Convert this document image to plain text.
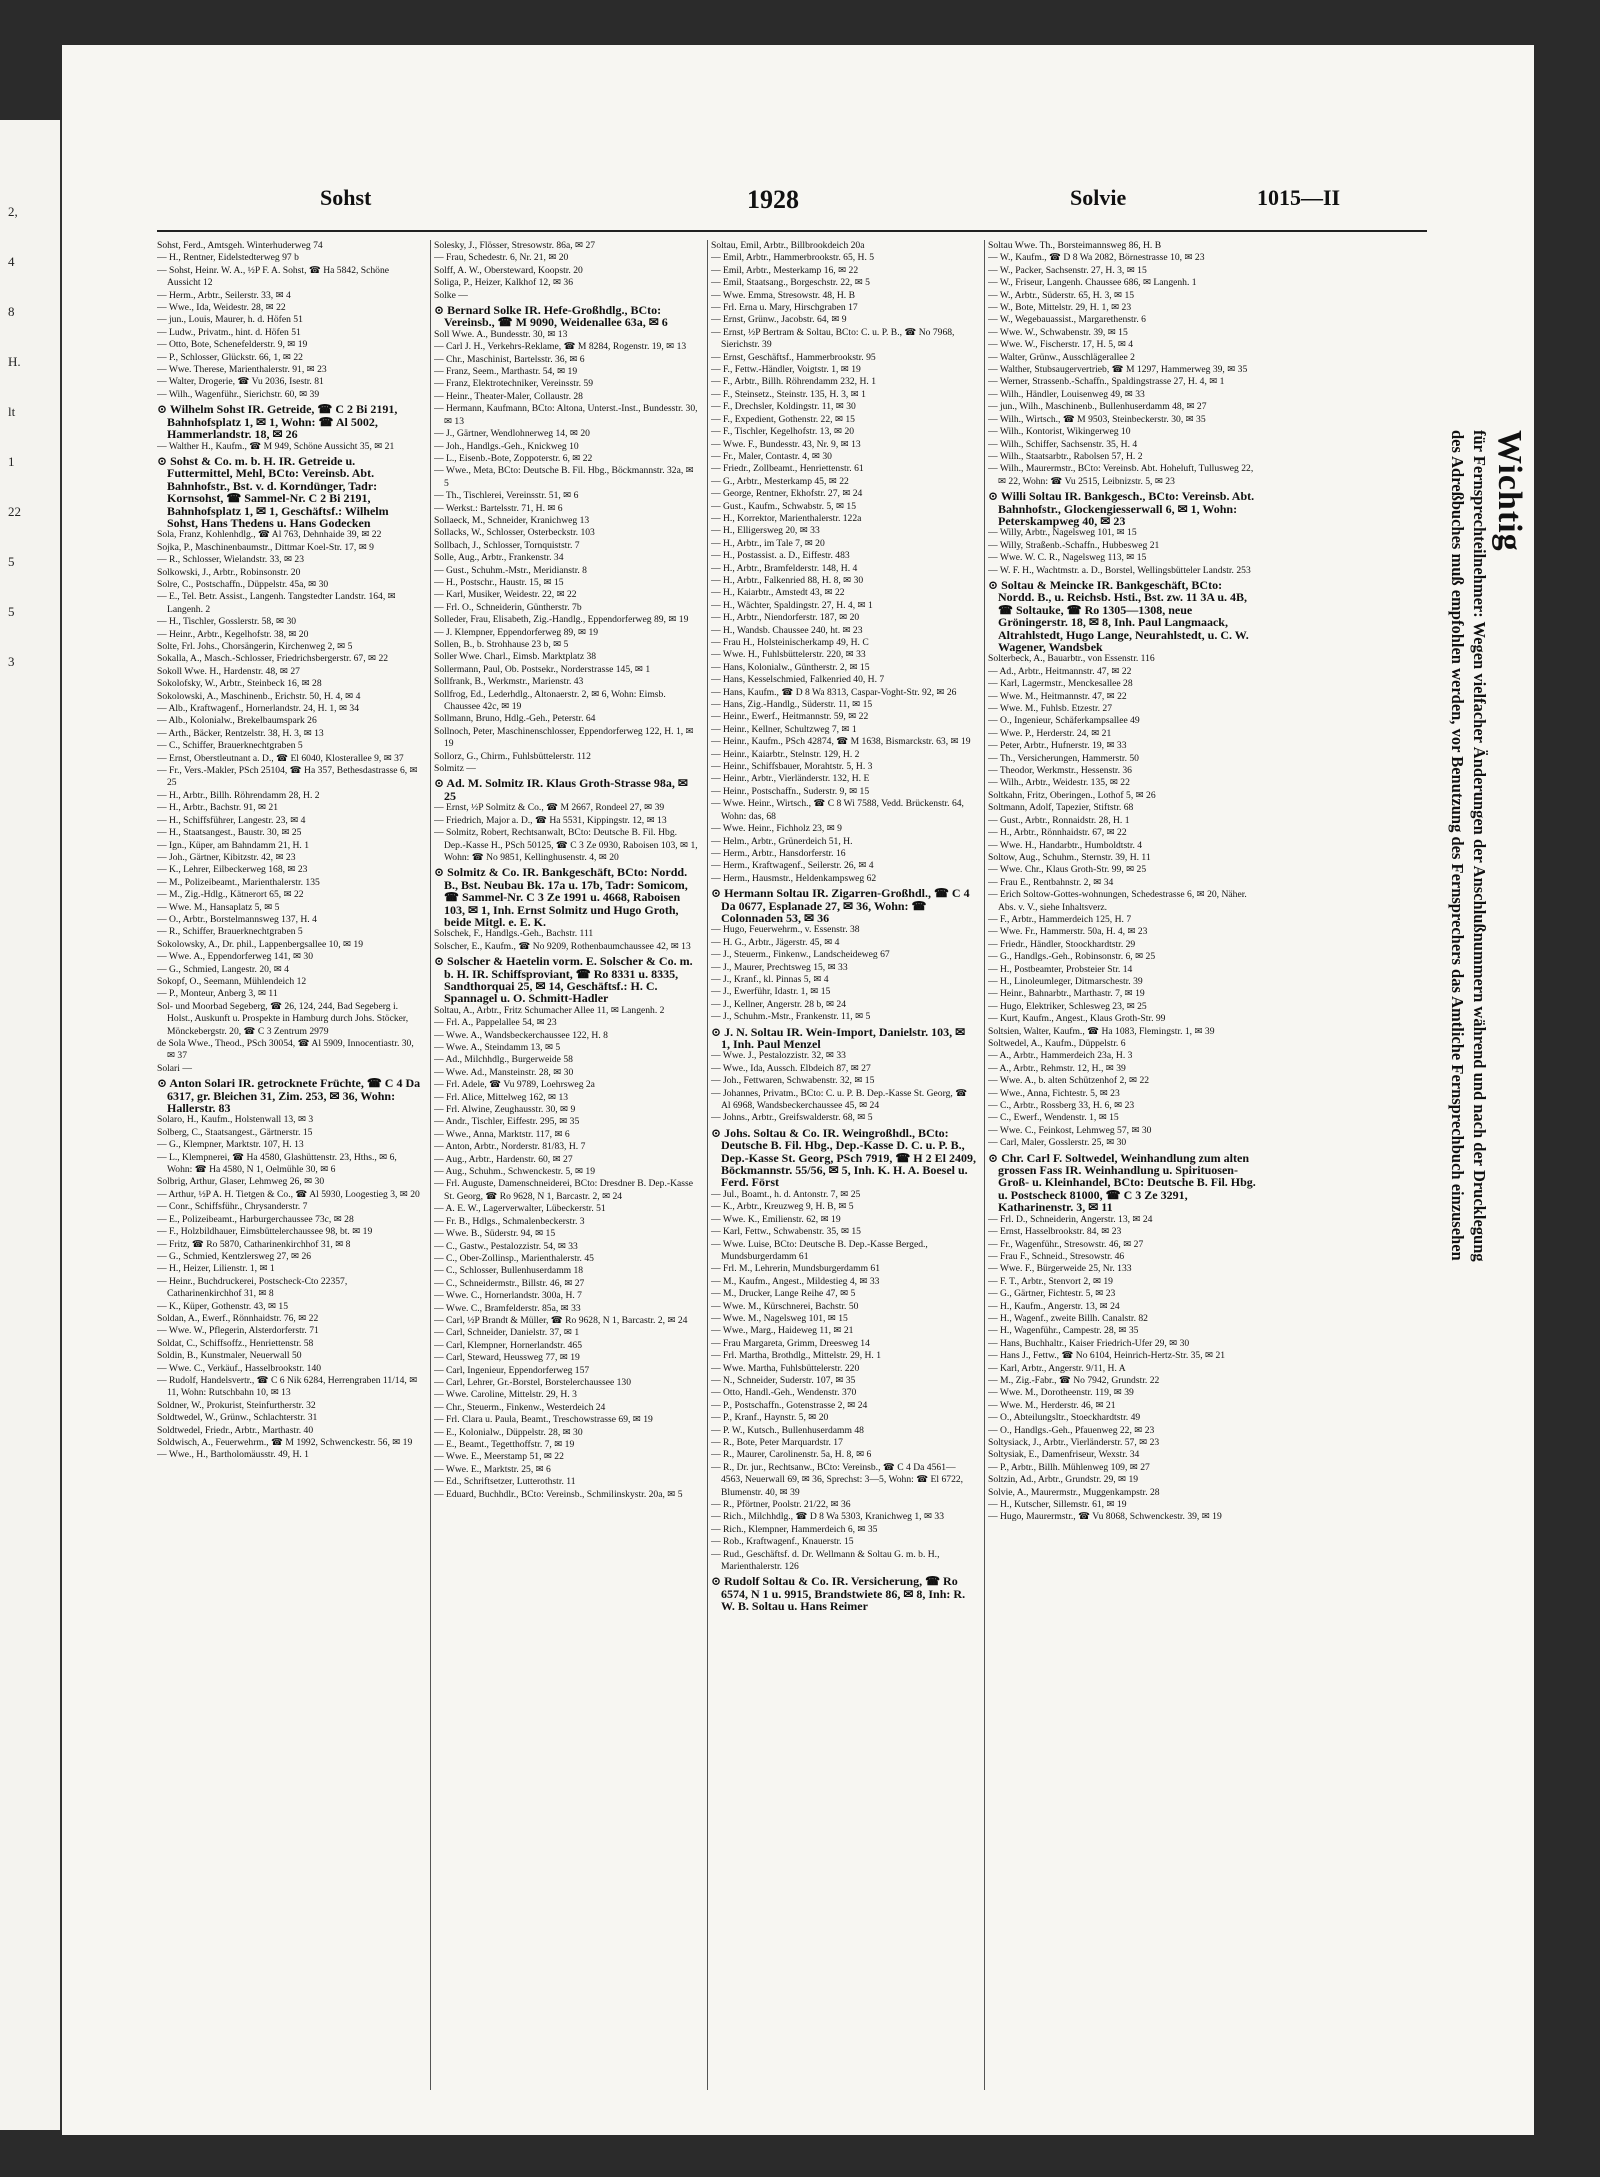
2,
4
8
H.
lt
1
22
5
5
3
Sohst	1928	Solvie	1015—II

Sohst, Ferd., Amtsgeh. Winterhuderweg 74

— H., Rentner, Eidelstedterweg 97 b

— Sohst, Heinr. W. A., ½P F. A. Sohst, ☎ Ha 5842, Schöne Aussicht 12

— Herm., Arbtr., Seilerstr. 33, ✉ 4

— Wwe., Ida, Weidestr. 28, ✉ 22

— jun., Louis, Maurer, h. d. Höfen 51

— Ludw., Privatm., hint. d. Höfen 51

— Otto, Bote, Schenefelderstr. 9, ✉ 19

— P., Schlosser, Glückstr. 66, 1, ✉ 22

— Wwe. Therese, Marienthalerstr. 91, ✉ 23

— Walter, Drogerie, ☎ Vu 2036, Isestr. 81

— Wilh., Wagenführ., Sierichstr. 60, ✉ 39

⊙ Wilhelm Sohst IR. Getreide, ☎ C 2 Bi 2191, Bahnhofsplatz 1, ✉ 1, Wohn: ☎ Al 5002, Hammerlandstr. 18, ✉ 26

— Walther H., Kaufm., ☎ M 949, Schöne Aussicht 35, ✉ 21

⊙ Sohst & Co. m. b. H. IR. Getreide u. Futtermittel, Mehl, BCto: Vereinsb. Abt. Bahnhofstr., Bst. v. d. Korndünger, Tadr: Kornsohst, ☎ Sammel-Nr. C 2 Bi 2191, Bahnhofsplatz 1, ✉ 1, Geschäftsf.: Wilhelm Sohst, Hans Thedens u. Hans Godecken

Sola, Franz, Kohlenhdlg., ☎ Al 763, Dehnhaide 39, ✉ 22

Sojka, P., Maschinenbaumstr., Dittmar Koel-Str. 17, ✉ 9

— R., Schlosser, Wielandstr. 33, ✉ 23

Solkowski, J., Arbtr., Robinsonstr. 20

Solre, C., Postschaffn., Düppelstr. 45a, ✉ 30

— E., Tel. Betr. Assist., Langenh. Tangstedter Landstr. 164, ✉ Langenh. 2

— H., Tischler, Gosslerstr. 58, ✉ 30

— Heinr., Arbtr., Kegelhofstr. 38, ✉ 20

Solte, Frl. Johs., Chorsängerin, Kirchenweg 2, ✉ 5

Sokalla, A., Masch.-Schlosser, Friedrichsbergerstr. 67, ✉ 22

Sokoll Wwe. H., Hardenstr. 48, ✉ 27

Sokolofsky, W., Arbtr., Steinbeck 16, ✉ 28

Sokolowski, A., Maschinenb., Erichstr. 50, H. 4, ✉ 4

— Alb., Kraftwagenf., Hornerlandstr. 24, H. 1, ✉ 34

— Alb., Kolonialw., Brekelbaumspark 26

— Arth., Bäcker, Rentzelstr. 38, H. 3, ✉ 13

— C., Schiffer, Brauerknechtgraben 5

— Ernst, Oberstleutnant a. D., ☎ El 6040, Klosterallee 9, ✉ 37

— Fr., Vers.-Makler, PSch 25104, ☎ Ha 357, Bethesdastrasse 6, ✉ 25

— H., Arbtr., Billh. Röhrendamm 28, H. 2

— H., Arbtr., Bachstr. 91, ✉ 21

— H., Schiffsführer, Langestr. 23, ✉ 4

— H., Staatsangest., Baustr. 30, ✉ 25

— Ign., Küper, am Bahndamm 21, H. 1

— Joh., Gärtner, Kibitzstr. 42, ✉ 23

— K., Lehrer, Eilbeckerweg 168, ✉ 23

— M., Polizeibeamt., Marienthalerstr. 135

— M., Zig.-Hdlg., Kätnerort 65, ✉ 22

— Wwe. M., Hansaplatz 5, ✉ 5

— O., Arbtr., Borstelmannsweg 137, H. 4

— R., Schiffer, Brauerknechtgraben 5

Sokolowsky, A., Dr. phil., Lappenbergsallee 10, ✉ 19

— Wwe. A., Eppendorferweg 141, ✉ 30

— G., Schmied, Langestr. 20, ✉ 4

Sokopf, O., Seemann, Mühlendeich 12

— P., Monteur, Anberg 3, ✉ 11

Sol- und Moorbad Segeberg, ☎ 26, 124, 244, Bad Segeberg i. Holst., Auskunft u. Prospekte in Hamburg durch Johs. Stöcker, Mönckebergstr. 20, ☎ C 3 Zentrum 2979

de Sola Wwe., Theod., PSch 30054, ☎ Al 5909, Innocentiastr. 30, ✉ 37

Solari —

⊙ Anton Solari IR. getrocknete Früchte, ☎ C 4 Da 6317, gr. Bleichen 31, Zim. 253, ✉ 36, Wohn: Hallerstr. 83

Solaro, H., Kaufm., Holstenwall 13, ✉ 3

Solberg, C., Staatsangest., Gärtnerstr. 15

— G., Klempner, Marktstr. 107, H. 13

— L., Klempnerei, ☎ Ha 4580, Glashüttenstr. 23, Hths., ✉ 6, Wohn: ☎ Ha 4580, N 1, Oelmühle 30, ✉ 6

Solbrig, Arthur, Glaser, Lehmweg 26, ✉ 30

— Arthur, ½P A. H. Tietgen & Co., ☎ Al 5930, Loogestieg 3, ✉ 20

— Conr., Schiffsführ., Chrysanderstr. 7

— E., Polizeibeamt., Harburgerchaussee 73c, ✉ 28

— F., Holzbildhauer, Eimsbüttelerchaussee 98, bt. ✉ 19

— Fritz, ☎ Ro 5870, Catharinenkirchhof 31, ✉ 8

— G., Schmied, Kentzlersweg 27, ✉ 26

— H., Heizer, Lilienstr. 1, ✉ 1

— Heinr., Buchdruckerei, Postscheck-Cto 22357, Catharinenkirchhof 31, ✉ 8

— K., Küper, Gothenstr. 43, ✉ 15

Soldan, A., Ewerf., Rönnhaidstr. 76, ✉ 22

— Wwe. W., Pflegerin, Alsterdorferstr. 71

Soldat, C., Schiffsoffz., Henriettenstr. 58

Soldin, B., Kunstmaler, Neuerwall 50

— Wwe. C., Verkäuf., Hasselbrookstr. 140

— Rudolf, Handelsvertr., ☎ C 6 Nik 6284, Herrengraben 11/14, ✉ 11, Wohn: Rutschbahn 10, ✉ 13

Soldner, W., Prokurist, Steinfurtherstr. 32

Soldtwedel, W., Grünw., Schlachterstr. 31

Soldtwedel, Friedr., Arbtr., Marthastr. 40

Soldwisch, A., Feuerwehrm., ☎ M 1992, Schwenckestr. 56, ✉ 19

— Wwe., H., Bartholomäusstr. 49, H. 1

Solesky, J., Flösser, Stresowstr. 86a, ✉ 27

— Frau, Schedestr. 6, Nr. 21, ✉ 20

Solff, A. W., Obersteward, Koopstr. 20

Soliga, P., Heizer, Kalkhof 12, ✉ 36

Solke —

⊙ Bernard Solke IR. Hefe-Großhdlg., BCto: Vereinsb., ☎ M 9090, Weidenallee 63a, ✉ 6

Soll Wwe. A., Bundesstr. 30, ✉ 13

— Carl J. H., Verkehrs-Reklame, ☎ M 8284, Rogenstr. 19, ✉ 13

— Chr., Maschinist, Bartelsstr. 36, ✉ 6

— Franz, Seem., Marthastr. 54, ✉ 19

— Franz, Elektrotechniker, Vereinsstr. 59

— Heinr., Theater-Maler, Collaustr. 28

— Hermann, Kaufmann, BCto: Altona, Unterst.-Inst., Bundesstr. 30, ✉ 13

— J., Gärtner, Wendlohnerweg 14, ✉ 20

— Joh., Handlgs.-Geh., Knickweg 10

— L., Eisenb.-Bote, Zoppoterstr. 6, ✉ 22

— Wwe., Meta, BCto: Deutsche B. Fil. Hbg., Böckmannstr. 32a, ✉ 5

— Th., Tischlerei, Vereinsstr. 51, ✉ 6

— Werkst.: Bartelsstr. 71, H. ✉ 6

Sollaeck, M., Schneider, Kranichweg 13

Sollacks, W., Schlosser, Osterbeckstr. 103

Sollbach, J., Schlosser, Tornquiststr. 7

Solle, Aug., Arbtr., Frankenstr. 34

— Gust., Schuhm.-Mstr., Meridianstr. 8

— H., Postschr., Haustr. 15, ✉ 15

— Karl, Musiker, Weidestr. 22, ✉ 22

— Frl. O., Schneiderin, Güntherstr. 7b

Solleder, Frau, Elisabeth, Zig.-Handlg., Eppendorferweg 89, ✉ 19

— J. Klempner, Eppendorferweg 89, ✉ 19

Sollen, B., b. Strohhause 23 b, ✉ 5

Soller Wwe. Charl., Eimsb. Marktplatz 38

Sollermann, Paul, Ob. Postsekr., Norderstrasse 145, ✉ 1

Sollfrank, B., Werkmstr., Marienstr. 43

Sollfrog, Ed., Lederhdlg., Altonaerstr. 2, ✉ 6, Wohn: Eimsb. Chaussee 42c, ✉ 19

Sollmann, Bruno, Hdlg.-Geh., Peterstr. 64

Sollnoch, Peter, Maschinenschlosser, Eppendorferweg 122, H. 1, ✉ 19

Sollorz, G., Chirm., Fuhlsbüttelerstr. 112

Solmitz —

⊙ Ad. M. Solmitz IR. Klaus Groth-Strasse 98a, ✉ 25

— Ernst, ½P Solmitz & Co., ☎ M 2667, Rondeel 27, ✉ 39

— Friedrich, Major a. D., ☎ Ha 5531, Kippingstr. 12, ✉ 13

— Solmitz, Robert, Rechtsanwalt, BCto: Deutsche B. Fil. Hbg. Dep.-Kasse H., PSch 50125, ☎ C 3 Ze 0930, Raboisen 103, ✉ 1, Wohn: ☎ No 9851, Kellinghusenstr. 4, ✉ 20

⊙ Solmitz & Co. IR. Bankgeschäft, BCto: Nordd. B., Bst. Neubau Bk. 17a u. 17b, Tadr: Somicom, ☎ Sammel-Nr. C 3 Ze 1991 u. 4668, Raboisen 103, ✉ 1, Inh. Ernst Solmitz und Hugo Groth, beide Mitgl. e. E. K.

Solschek, F., Handlgs.-Geh., Bachstr. 111

Solscher, E., Kaufm., ☎ No 9209, Rothenbaumchaussee 42, ✉ 13

⊙ Solscher & Haetelin vorm. E. Solscher & Co. m. b. H. IR. Schiffsproviant, ☎ Ro 8331 u. 8335, Sandthorquai 25, ✉ 14, Geschäftsf.: H. C. Spannagel u. O. Schmitt-Hadler

Soltau, A., Arbtr., Fritz Schumacher Allee 11, ✉ Langenh. 2

— Frl. A., Pappelallee 54, ✉ 23

— Wwe. A., Wandsbeckerchaussee 122, H. 8

— Wwe. A., Steindamm 13, ✉ 5

— Ad., Milchhdlg., Burgerweide 58

— Wwe. Ad., Mansteinstr. 28, ✉ 30

— Frl. Adele, ☎ Vu 9789, Loehrsweg 2a

— Frl. Alice, Mittelweg 162, ✉ 13

— Frl. Alwine, Zeughausstr. 30, ✉ 9

— Andr., Tischler, Eiffestr. 295, ✉ 35

— Wwe., Anna, Marktstr. 117, ✉ 6

— Anton, Arbtr., Norderstr. 81/83, H. 7

— Aug., Arbtr., Hardenstr. 60, ✉ 27

— Aug., Schuhm., Schwenckestr. 5, ✉ 19

— Frl. Auguste, Damenschneiderei, BCto: Dresdner B. Dep.-Kasse St. Georg, ☎ Ro 9628, N 1, Barcastr. 2, ✉ 24

— A. E. W., Lagerverwalter, Lübeckerstr. 51

— Fr. B., Hdlgs., Schmalenbeckerstr. 3

— Wwe. B., Süderstr. 94, ✉ 15

— C., Gastw., Pestalozzistr. 54, ✉ 33

— C., Ober-Zollinsp., Marienthalerstr. 45

— C., Schlosser, Bullenhuserdamm 18

— C., Schneidermstr., Billstr. 46, ✉ 27

— Wwe. C., Hornerlandstr. 300a, H. 7

— Wwe. C., Bramfelderstr. 85a, ✉ 33

— Carl, ½P Brandt & Müller, ☎ Ro 9628, N 1, Barcastr. 2, ✉ 24

— Carl, Schneider, Danielstr. 37, ✉ 1

— Carl, Klempner, Hornerlandstr. 465

— Carl, Steward, Heussweg 77, ✉ 19

— Carl, Ingenieur, Eppendorferweg 157

— Carl, Lehrer, Gr.-Borstel, Borstelerchaussee 130

— Wwe. Caroline, Mittelstr. 29, H. 3

— Chr., Steuerm., Finkenw., Westerdeich 24

— Frl. Clara u. Paula, Beamt., Treschowstrasse 69, ✉ 19

— E., Kolonialw., Düppelstr. 28, ✉ 30

— E., Beamt., Tegetthoffstr. 7, ✉ 19

— Wwe. E., Meerstamp 51, ✉ 22

— Wwe. E., Marktstr. 25, ✉ 6

— Ed., Schriftsetzer, Lutterothstr. 11

— Eduard, Buchhdlr., BCto: Vereinsb., Schmilinskystr. 20a, ✉ 5

Soltau, Emil, Arbtr., Billbrookdeich 20a

— Emil, Arbtr., Hammerbrookstr. 65, H. 5

— Emil, Arbtr., Mesterkamp 16, ✉ 22

— Emil, Staatsang., Borgeschstr. 22, ✉ 5

— Wwe. Emma, Stresowstr. 48, H. B

— Frl. Erna u. Mary, Hirschgraben 17

— Ernst, Grünw., Jacobstr. 64, ✉ 9

— Ernst, ½P Bertram & Soltau, BCto: C. u. P. B., ☎ No 7968, Sierichstr. 39

— Ernst, Geschäftsf., Hammerbrookstr. 95

— F., Fettw.-Händler, Voigtstr. 1, ✉ 19

— F., Arbtr., Billh. Röhrendamm 232, H. 1

— F., Steinsetz., Steinstr. 135, H. 3, ✉ 1

— F., Drechsler, Koldingstr. 11, ✉ 30

— F., Expedient, Gothenstr. 22, ✉ 15

— F., Tischler, Kegelhofstr. 13, ✉ 20

— Wwe. F., Bundesstr. 43, Nr. 9, ✉ 13

— Fr., Maler, Contastr. 4, ✉ 30

— Friedr., Zollbeamt., Henriettenstr. 61

— G., Arbtr., Mesterkamp 45, ✉ 22

— George, Rentner, Ekhofstr. 27, ✉ 24

— Gust., Kaufm., Schwabstr. 5, ✉ 15

— H., Korrektor, Marienthalerstr. 122a

— H., Elligersweg 20, ✉ 33

— H., Arbtr., im Tale 7, ✉ 20

— H., Postassist. a. D., Eiffestr. 483

— H., Arbtr., Bramfelderstr. 148, H. 4

— H., Arbtr., Falkenried 88, H. 8, ✉ 30

— H., Kaiarbtr., Amstedt 43, ✉ 22

— H., Wächter, Spaldingstr. 27, H. 4, ✉ 1

— H., Arbtr., Niendorferstr. 187, ✉ 20

— H., Wandsb. Chaussee 240, ht. ✉ 23

— Frau H., Holsteinischerkamp 49, H. C

— Wwe. H., Fuhlsbüttelerstr. 220, ✉ 33

— Hans, Kolonialw., Güntherstr. 2, ✉ 15

— Hans, Kesselschmied, Falkenried 40, H. 7

— Hans, Kaufm., ☎ D 8 Wa 8313, Caspar-Voght-Str. 92, ✉ 26

— Hans, Zig.-Handlg., Süderstr. 11, ✉ 15

— Heinr., Ewerf., Heitmannstr. 59, ✉ 22

— Heinr., Kellner, Schultzweg 7, ✉ 1

— Heinr., Kaufm., PSch 42874, ☎ M 1638, Bismarckstr. 63, ✉ 19

— Heinr., Kaiarbtr., Stelnstr. 129, H. 2

— Heinr., Schiffsbauer, Morahtstr. 5, H. 3

— Heinr., Arbtr., Vierländerstr. 132, H. E

— Heinr., Postschaffn., Suderstr. 9, ✉ 15

— Wwe. Heinr., Wirtsch., ☎ C 8 Wi 7588, Vedd. Brückenstr. 64, Wohn: das, 68

— Wwe. Heinr., Fichholz 23, ✉ 9

— Helm., Arbtr., Grünerdeich 51, H.

— Herm., Arbtr., Hansdorferstr. 16

— Herm., Kraftwagenf., Seilerstr. 26, ✉ 4

— Herm., Hausmstr., Heldenkampsweg 62

⊙ Hermann Soltau IR. Zigarren-Großhdl., ☎ C 4 Da 0677, Esplanade 27, ✉ 36, Wohn: ☎ Colonnaden 53, ✉ 36

— Hugo, Feuerwehrm., v. Essenstr. 38

— H. G., Arbtr., Jägerstr. 45, ✉ 4

— J., Steuerm., Finkenw., Landscheideweg 67

— J., Maurer, Prechtsweg 15, ✉ 33

— J., Kranf., kl. Pinnas 5, ✉ 4

— J., Ewerführ, Idastr. 1, ✉ 15

— J., Kellner, Angerstr. 28 b, ✉ 24

— J., Schuhm.-Mstr., Frankenstr. 11, ✉ 5

⊙ J. N. Soltau IR. Wein-Import, Danielstr. 103, ✉ 1, Inh. Paul Menzel

— Wwe. J., Pestalozzistr. 32, ✉ 33

— Wwe., Ida, Aussch. Elbdeich 87, ✉ 27

— Joh., Fettwaren, Schwabenstr. 32, ✉ 15

— Johannes, Privatm., BCto: C. u. P. B. Dep.-Kasse St. Georg, ☎ Al 6968, Wandsbeckerchaussee 45, ✉ 24

— Johns., Arbtr., Greifswalderstr. 68, ✉ 5

⊙ Johs. Soltau & Co. IR. Weingroßhdl., BCto: Deutsche B. Fil. Hbg., Dep.-Kasse D. C. u. P. B., Dep.-Kasse St. Georg, PSch 7919, ☎ H 2 El 2409, Böckmannstr. 55/56, ✉ 5, Inh. K. H. A. Boesel u. Ferd. Först

— Jul., Boamt., h. d. Antonstr. 7, ✉ 25

— K., Arbtr., Kreuzweg 9, H. B, ✉ 5

— Wwe. K., Emilienstr. 62, ✉ 19

— Karl, Fettw., Schwabenstr. 35, ✉ 15

— Wwe. Luise, BCto: Deutsche B. Dep.-Kasse Berged., Mundsburgerdamm 61

— Frl. M., Lehrerin, Mundsburgerdamm 61

— M., Kaufm., Angest., Mildestieg 4, ✉ 33

— M., Drucker, Lange Reihe 47, ✉ 5

— Wwe. M., Kürschnerei, Bachstr. 50

— Wwe. M., Nagelsweg 101, ✉ 15

— Wwe., Marg., Haideweg 11, ✉ 21

— Frau Margareta, Grimm, Dreesweg 14

— Frl. Martha, Brothdlg., Mittelstr. 29, H. 1

— Wwe. Martha, Fuhlsbüttelerstr. 220

— N., Schneider, Suderstr. 107, ✉ 35

— Otto, Handl.-Geh., Wendenstr. 370

— P., Postschaffn., Gotenstrasse 2, ✉ 24

— P., Kranf., Haynstr. 5, ✉ 20

— P. W., Kutsch., Bullenhuserdamm 48

— R., Bote, Peter Marquardstr. 17

— R., Maurer, Carolinenstr. 5a, H. 8, ✉ 6

— R., Dr. jur., Rechtsanw., BCto: Vereinsb., ☎ C 4 Da 4561—4563, Neuerwall 69, ✉ 36, Sprechst: 3—5, Wohn: ☎ El 6722, Blumenstr. 40, ✉ 39

— R., Pförtner, Poolstr. 21/22, ✉ 36

— Rich., Milchhdlg., ☎ D 8 Wa 5303, Kranichweg 1, ✉ 33

— Rich., Klempner, Hammerdeich 6, ✉ 35

— Rob., Kraftwagenf., Knauerstr. 15

— Rud., Geschäftsf. d. Dr. Wellmann & Soltau G. m. b. H., Marienthalerstr. 126

⊙ Rudolf Soltau & Co. IR. Versicherung, ☎ Ro 6574, N 1 u. 9915, Brandstwiete 86, ✉ 8, Inh: R. W. B. Soltau u. Hans Reimer

Soltau Wwe. Th., Borsteimannsweg 86, H. B

— W., Kaufm., ☎ D 8 Wa 2082, Börnestrasse 10, ✉ 23

— W., Packer, Sachsenstr. 27, H. 3, ✉ 15

— W., Friseur, Langenh. Chaussee 686, ✉ Langenh. 1

— W., Arbtr., Süderstr. 65, H. 3, ✉ 15

— W., Bote, Mittelstr. 29, H. 1, ✉ 23

— W., Wegebauassist., Margarethenstr. 6

— Wwe. W., Schwabenstr. 39, ✉ 15

— Wwe. W., Fischerstr. 17, H. 5, ✉ 4

— Walter, Grünw., Ausschlägerallee 2

— Walther, Stubsaugervertrieb, ☎ M 1297, Hammerweg 39, ✉ 35

— Werner, Strassenb.-Schaffn., Spaldingstrasse 27, H. 4, ✉ 1

— Wilh., Händler, Louisenweg 49, ✉ 33

— jun., Wilh., Maschinenb., Bullenhuserdamm 48, ✉ 27

— Wilh., Wirtsch., ☎ M 9503, Steinbeckerstr. 30, ✉ 35

— Wilh., Kontorist, Wikingerweg 10

— Wilh., Schiffer, Sachsenstr. 35, H. 4

— Wilh., Staatsarbtr., Rabolsen 57, H. 2

— Wilh., Maurermstr., BCto: Vereinsb. Abt. Hoheluft, Tullusweg 22, ✉ 22, Wohn: ☎ Vu 2515, Leibnizstr. 5, ✉ 23

⊙ Willi Soltau IR. Bankgesch., BCto: Vereinsb. Abt. Bahnhofstr., Glockengiesserwall 6, ✉ 1, Wohn: Peterskampweg 40, ✉ 23

— Willy, Arbtr., Nagelsweg 101, ✉ 15

— Willy, Straßenb.-Schaffn., Hubbesweg 21

— Wwe. W. C. R., Nagelsweg 113, ✉ 15

— W. F. H., Wachtmstr. a. D., Borstel, Wellingsbütteler Landstr. 253

⊙ Soltau & Meincke IR. Bankgeschäft, BCto: Nordd. B., u. Reichsb. Hsti., Bst. zw. 11 3A u. 4B, ☎ Soltauke, ☎ Ro 1305—1308, neue Gröningerstr. 18, ✉ 8, Inh. Paul Langmaack, Altrahlstedt, Hugo Lange, Neurahlstedt, u. C. W. Wagener, Wandsbek

Solterbeck, A., Bauarbtr., von Essenstr. 116

— Ad., Arbtr., Heitmannstr. 47, ✉ 22

— Karl, Lagermstr., Menckesallee 28

— Wwe. M., Heitmannstr. 47, ✉ 22

— Wwe. M., Fuhlsb. Etzestr. 27

— O., Ingenieur, Schäferkampsallee 49

— Wwe. P., Herderstr. 24, ✉ 21

— Peter, Arbtr., Hufnerstr. 19, ✉ 33

— Th., Versicherungen, Hammerstr. 50

— Theodor, Werkmstr., Hessenstr. 36

— Wilh., Arbtr., Weidestr. 135, ✉ 22

Soltkahn, Fritz, Oberingen., Lothof 5, ✉ 26

Soltmann, Adolf, Tapezier, Stiftstr. 68

— Gust., Arbtr., Ronnaidstr. 28, H. 1

— H., Arbtr., Rönnhaidstr. 67, ✉ 22

— Wwe. H., Handarbtr., Humboldtstr. 4

Soltow, Aug., Schuhm., Sternstr. 39, H. 11

— Wwe. Chr., Klaus Groth-Str. 99, ✉ 25

— Frau E., Rentbahnstr. 2, ✉ 34

— Erich Soltow-Gottes-wohnungen, Schedestrasse 6, ✉ 20, Näher. Abs. v. V., siehe Inhaltsverz.

— F., Arbtr., Hammerdeich 125, H. 7

— Wwe. Fr., Hammerstr. 50a, H. 4, ✉ 23

— Friedr., Händler, Stoockhardtstr. 29

— G., Handlgs.-Geh., Robinsonstr. 6, ✉ 25

— H., Postbeamter, Probsteier Str. 14

— H., Linoleumleger, Ditmarschestr. 39

— Heinr., Bahnarbtr., Marthastr. 7, ✉ 19

— Hugo, Elektriker, Schlesweg 23, ✉ 25

— Kurt, Kaufm., Angest., Klaus Groth-Str. 99

Soltsien, Walter, Kaufm., ☎ Ha 1083, Flemingstr. 1, ✉ 39

Soltwedel, A., Kaufm., Düppelstr. 6

— A., Arbtr., Hammerdeich 23a, H. 3

— A., Arbtr., Rehmstr. 12, H., ✉ 39

— Wwe. A., b. alten Schützenhof 2, ✉ 22

— Wwe., Anna, Fichtestr. 5, ✉ 23

— C., Arbtr., Rossberg 33, H. 6, ✉ 23

— C., Ewerf., Wendenstr. 1, ✉ 15

— Wwe. C., Feinkost, Lehmweg 57, ✉ 30

— Carl, Maler, Gosslerstr. 25, ✉ 30

⊙ Chr. Carl F. Soltwedel, Weinhandlung zum alten grossen Fass IR. Weinhandlung u. Spirituosen-Groß- u. Kleinhandel, BCto: Deutsche B. Fil. Hbg. u. Postscheck 81000, ☎ C 3 Ze 3291, Katharinenstr. 3, ✉ 11

— Frl. D., Schneiderin, Angerstr. 13, ✉ 24

— Ernst, Hasselbrookstr. 84, ✉ 23

— Fr., Wagenführ., Stresowstr. 46, ✉ 27

— Frau F., Schneid., Stresowstr. 46

— Wwe. F., Bürgerweide 25, Nr. 133

— F. T., Arbtr., Stenvort 2, ✉ 19

— G., Gärtner, Fichtestr. 5, ✉ 23

— H., Kaufm., Angerstr. 13, ✉ 24

— H., Wagenf., zweite Billh. Canalstr. 82

— H., Wagenführ., Campestr. 28, ✉ 35

— Hans, Buchhaltr., Kaiser Friedrich-Ufer 29, ✉ 30

— Hans J., Fettw., ☎ No 6104, Heinrich-Hertz-Str. 35, ✉ 21

— Karl, Arbtr., Angerstr. 9/11, H. A

— M., Zig.-Fabr., ☎ No 7942, Grundstr. 22

— Wwe. M., Dorotheenstr. 119, ✉ 39

— Wwe. M., Herderstr. 46, ✉ 21

— O., Abteilungsltr., Stoeckhardtstr. 49

— O., Handlgs.-Geh., Pfauenweg 22, ✉ 23

Soltysiack, J., Arbtr., Vierländerstr. 57, ✉ 23

Soltysiak, E., Damenfriseur, Wexstr. 34

— P., Arbtr., Billh. Mühlenweg 109, ✉ 27

Soltzin, Ad., Arbtr., Grundstr. 29, ✉ 19

Solvie, A., Maurermstr., Muggenkampstr. 28

— H., Kutscher, Sillemstr. 61, ✉ 19

— Hugo, Maurermstr., ☎ Vu 8068, Schwenckestr. 39, ✉ 19

Wichtig
für Fernsprechteilnehmer: Wegen vielfacher Änderungen der Anschlußnummern während und nach der Drucklegung
des Adreßbuches muß empfohlen werden, vor Benutzung des Fernsprechers das Amtliche Fernsprechbuch einzusehen
